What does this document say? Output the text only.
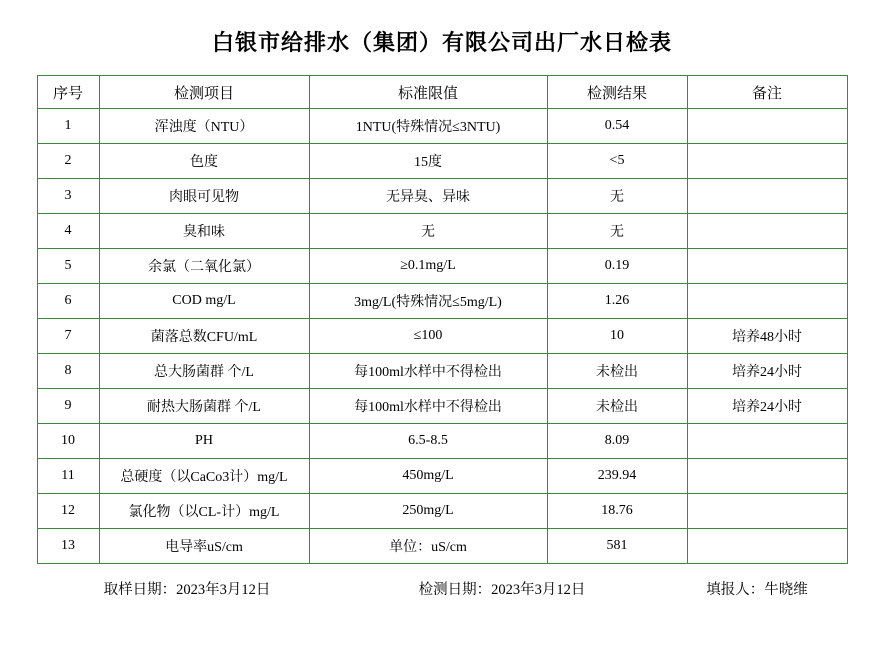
白银市给排水（集团）有限公司出厂水日检表
序号	检测项目	标准限值	检测结果	备注
1	浑浊度（NTU）	1NTU(特殊情况≤3NTU)	0.54	
2	色度	15度	<5	
3	肉眼可见物	无异臭、异味	无	
4	臭和味	无	无	
5	余氯（二氧化氯）	≥0.1mg/L	0.19	
6	COD mg/L	3mg/L(特殊情况≤5mg/L)	1.26	
7	菌落总数CFU/mL	≤100	10	培养48小时
8	总大肠菌群 个/L	每100ml水样中不得检出	未检出	培养24小时
9	耐热大肠菌群 个/L	每100ml水样中不得检出	未检出	培养24小时
10	PH	6.5-8.5	8.09	
11	总硬度（以CaCo3计）mg/L	450mg/L	239.94	
12	氯化物（以CL-计）mg/L	250mg/L	18.76	
13	电导率uS/cm	单位：uS/cm	581	
取样日期：2023年3月12日	检测日期：2023年3月12日	填报人：牛晓维
